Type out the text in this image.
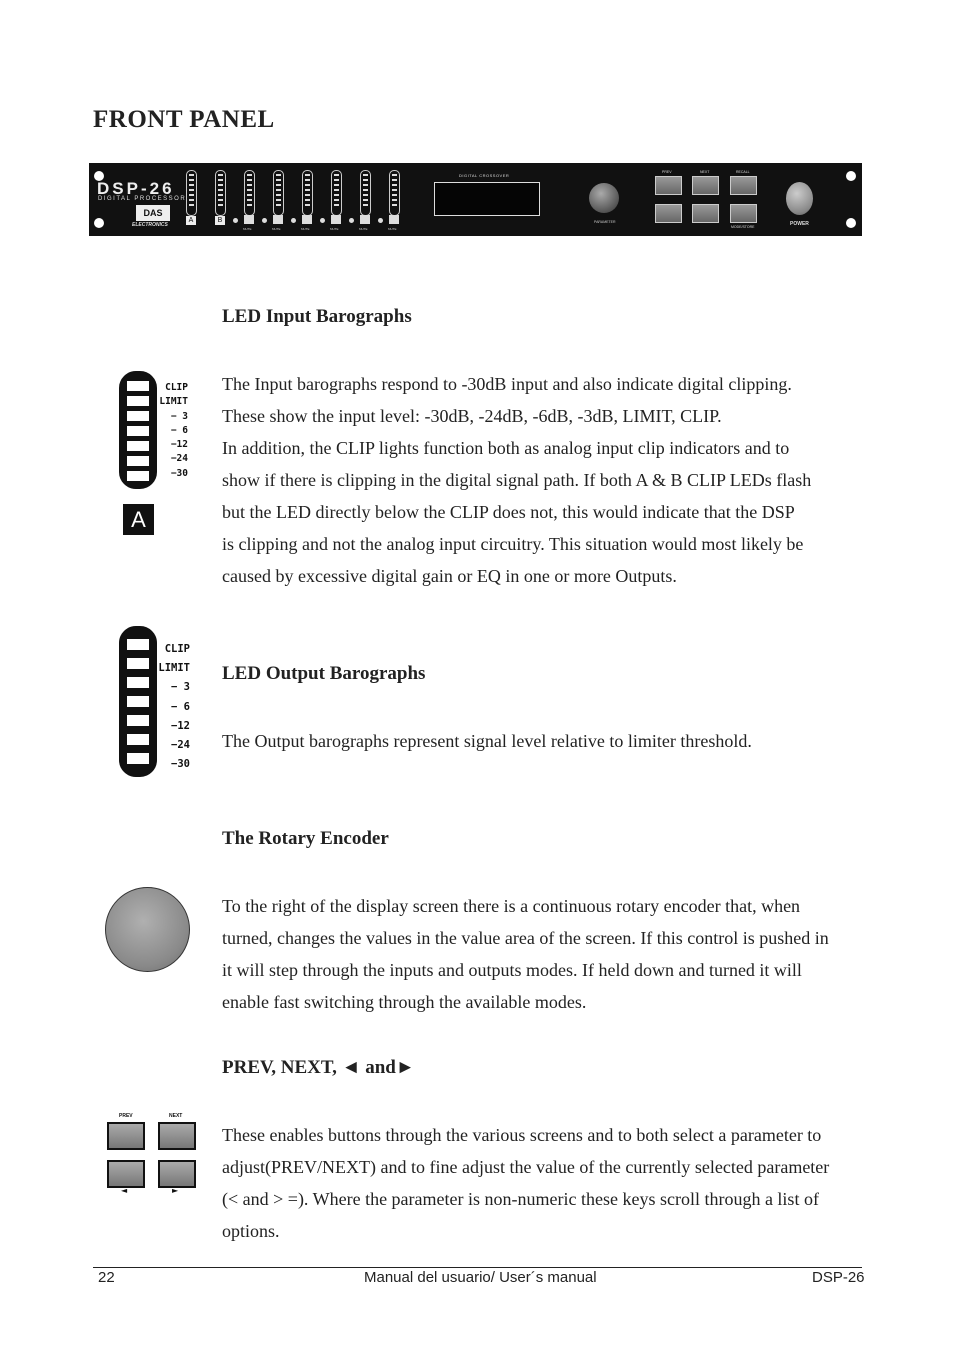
FRONT PANEL
DSP-26
DIGITAL PROCESSOR
DAS
ELECTRONICS
A	B
MUTE	MUTE	MUTE	MUTE	MUTE	MUTE
DIGITAL CROSSOVER
PARAMETER
PREV	NEXT	RECALL
MODE/STORE	POWER
LED Input Barographs
CLIP
LIMIT
− 3
− 6
−12
−24
−30
A
The Input barographs respond to -30dB input and also indicate digital clipping.
These show the input level: -30dB, -24dB, -6dB, -3dB, LIMIT, CLIP.
In addition, the CLIP lights function both as analog input clip indicators and to
show if there is clipping in the digital signal path. If both A & B CLIP LEDs flash
but the LED directly below the CLIP does not, this would indicate that the DSP
is clipping and not the analog input circuitry. This situation would most likely be
caused by excessive digital gain or EQ in one or more Outputs.
CLIP
LIMIT
− 3
− 6
−12
−24
−30
LED Output Barographs
The Output barographs represent signal level relative to limiter threshold.
The Rotary Encoder
To the right of the display screen there is a continuous rotary encoder that, when
turned, changes the values in the value area of the screen. If this control is pushed in
it will step through the inputs and outputs modes. If held down and turned it will
enable fast switching through the available modes.
PREV, NEXT, ◄ and►
PREV	NEXT
◄	►
These enables buttons through the various screens and to both select a parameter to
adjust(PREV/NEXT) and to fine adjust the value of the currently selected parameter
(< and > =). Where the parameter is non-numeric these keys scroll through a list of
options.
22	Manual del usuario/ User´s manual	DSP-26
